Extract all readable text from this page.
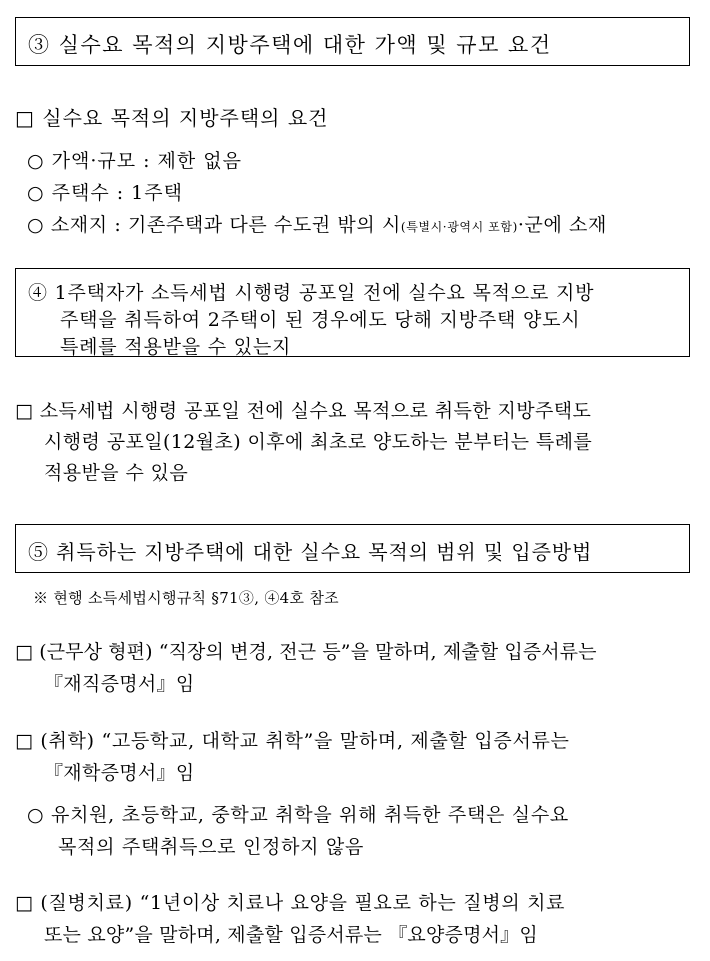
③ 실수요 목적의 지방주택에 대한 가액 및 규모 요건
□ 실수요 목적의 지방주택의 요건
○ 가액·규모 : 제한 없음
○ 주택수 : 1주택
○ 소재지 : 기존주택과 다른 수도권 밖의 시(특별시·광역시 포함)·군에 소재
④ 1주택자가 소득세법 시행령 공포일 전에 실수요 목적으로 지방
주택을 취득하여 2주택이 된 경우에도 당해 지방주택 양도시
특례를 적용받을 수 있는지
□ 소득세법 시행령 공포일 전에 실수요 목적으로 취득한 지방주택도
시행령 공포일(12월초) 이후에 최초로 양도하는 분부터는 특례를
적용받을 수 있음
⑤ 취득하는 지방주택에 대한 실수요 목적의 범위 및 입증방법
※ 현행 소득세법시행규칙 §71③, ④4호 참조
□ (근무상 형편) “직장의 변경, 전근 등”을 말하며, 제출할 입증서류는
『재직증명서』임
□ (취학) “고등학교, 대학교 취학”을 말하며, 제출할 입증서류는
『재학증명서』임
○ 유치원, 초등학교, 중학교 취학을 위해 취득한 주택은 실수요
목적의 주택취득으로 인정하지 않음
□ (질병치료) “1년이상 치료나 요양을 필요로 하는 질병의 치료
또는 요양”을 말하며, 제출할 입증서류는 『요양증명서』임
